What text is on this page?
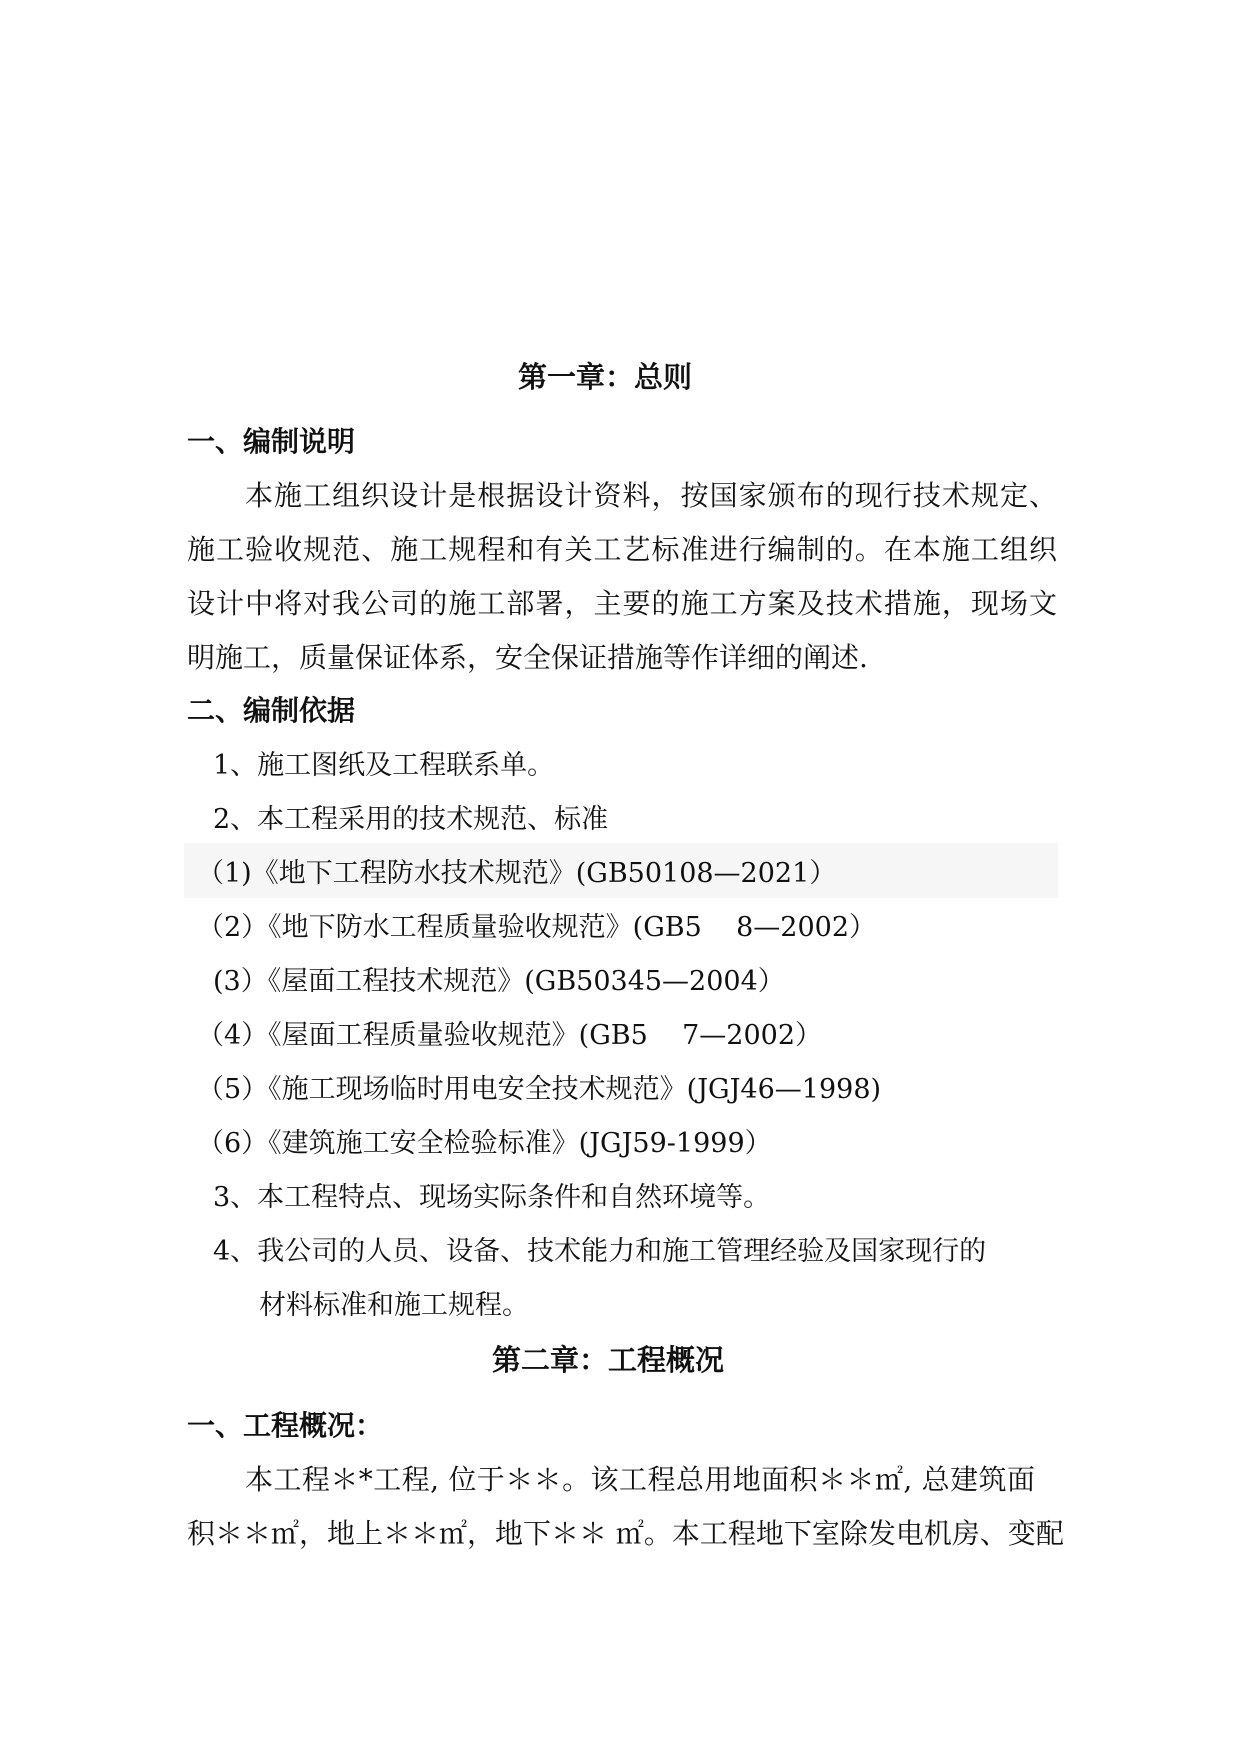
第一章：总则
一、编制说明
本施工组织设计是根据设计资料，按国家颁布的现行技术规定、
施工验收规范、施工规程和有关工艺标准进行编制的。在本施工组织
设计中将对我公司的施工部署，主要的施工方案及技术措施，现场文
明施工，质量保证体系，安全保证措施等作详细的阐述.
二、编制依据
1、施工图纸及工程联系单。
2、本工程采用的技术规范、标准
（1)《地下工程防水技术规范》(GB50108—2021）
（2）《地下防水工程质量验收规范》(GB5    8—2002）
(3）《屋面工程技术规范》(GB50345—2004）
（4）《屋面工程质量验收规范》(GB5    7—2002）
（5）《施工现场临时用电安全技术规范》(JGJ46—1998)
（6）《建筑施工安全检验标准》(JGJ59-1999）
3、本工程特点、现场实际条件和自然环境等。
4、我公司的人员、设备、技术能力和施工管理经验及国家现行的
材料标准和施工规程。
第二章：工程概况
一、工程概况：
本工程＊*工程, 位于＊＊。该工程总用地面积＊＊㎡, 总建筑面
积＊＊㎡，地上＊＊㎡，地下＊＊ ㎡。本工程地下室除发电机房、变配
